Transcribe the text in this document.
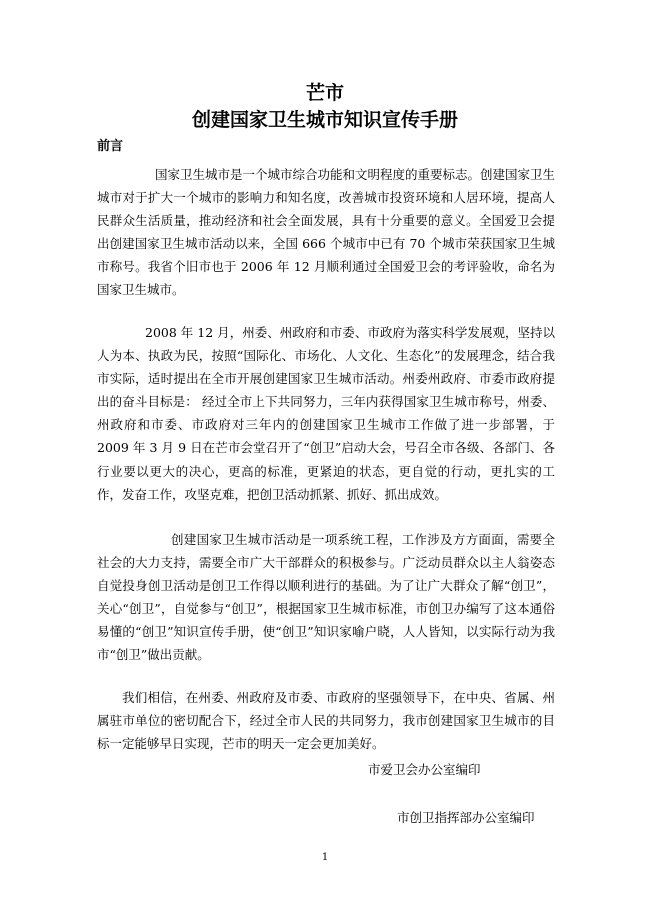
芒市
创建国家卫生城市知识宣传手册
前言

国家卫生城市是一个城市综合功能和文明程度的重要标志。创建国家卫生城市对于扩大一个城市的影响力和知名度，改善城市投资环境和人居环境，提高人民群众生活质量，推动经济和社会全面发展，具有十分重要的意义。全国爱卫会提出创建国家卫生城市活动以来，全国 666 个城市中已有 70 个城市荣获国家卫生城市称号。我省个旧市也于 2006 年 12 月顺利通过全国爱卫会的考评验收，命名为国家卫生城市。

2008 年 12 月，州委、州政府和市委、市政府为落实科学发展观，坚持以人为本、执政为民，按照“国际化、市场化、人文化、生态化”的发展理念，结合我市实际，适时提出在全市开展创建国家卫生城市活动。州委州政府、市委市政府提出的奋斗目标是： 经过全市上下共同努力，三年内获得国家卫生城市称号，州委、州政府和市委、市政府对三年内的创建国家卫生城市工作做了进一步部署，于 2009 年 3 月 9 日在芒市会堂召开了“创卫”启动大会，号召全市各级、各部门、各行业要以更大的决心，更高的标准，更紧迫的状态，更自觉的行动，更扎实的工作，发奋工作，攻坚克难，把创卫活动抓紧、抓好、抓出成效。

创建国家卫生城市活动是一项系统工程，工作涉及方方面面，需要全社会的大力支持，需要全市广大干部群众的积极参与。广泛动员群众以主人翁姿态自觉投身创卫活动是创卫工作得以顺利进行的基础。为了让广大群众了解“创卫”，关心“创卫”，自觉参与“创卫”，根据国家卫生城市标准，市创卫办编写了这本通俗易懂的“创卫”知识宣传手册，使“创卫”知识家喻户晓，人人皆知，以实际行动为我市“创卫”做出贡献。

我们相信，在州委、州政府及市委、市政府的坚强领导下，在中央、省属、州属驻市单位的密切配合下，经过全市人民的共同努力，我市创建国家卫生城市的目标一定能够早日实现，芒市的明天一定会更加美好。

市爱卫会办公室编印
市创卫指挥部办公室编印
1
